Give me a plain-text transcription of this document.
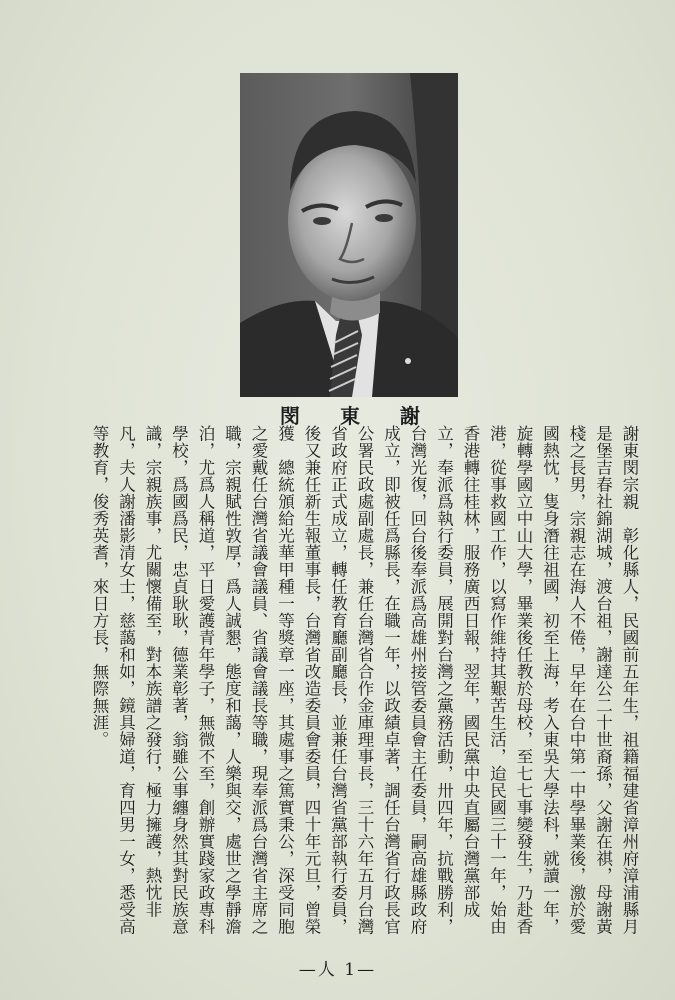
閔 東 謝

謝東閔宗親　彰化縣人，民國前五年生，祖籍福建省漳州府漳浦縣月是堡吉春社錦湖城，渡台祖，謝達公二十世裔孫，父謝在祺，母謝黃棧之長男，宗親志在海人不倦，早年在台中第一中學畢業後，激於愛國熱忱，隻身潛往祖國，初至上海，考入東吳大學法科，就讀一年，旋轉學國立中山大學，畢業後任教於母校，至七七事變發生，乃赴香港，從事救國工作，以寫作維持其艱苦生活，迨民國三十一年，始由香港轉往桂林，服務廣西日報，翌年，國民黨中央直屬台灣黨部成立，奉派爲執行委員，展開對台灣之黨務活動，卅四年，抗戰勝利，台灣光復，回台後奉派爲高雄州接管委員會主任委員，嗣高雄縣政府成立，即被任爲縣長，在職一年，以政績卓著，調任台灣省行政長官公署民政處副處長，兼任台灣省合作金庫理事長，三十六年五月台灣省政府正式成立，轉任教育廳副廳長，並兼任台灣省黨部執行委員，後又兼任新生報董事長，台灣省改造委員會委員，四十年元旦，曾榮獲　總統頒給光華甲種一等獎章一座，其處事之篤實秉公，深受同胞之愛戴任台灣省議會議員、省議會議長等職，現奉派爲台灣省主席之職，宗親賦性敦厚，爲人誠懇，態度和藹，人樂與交，處世之學靜澹泊，尤爲人稱道，平日愛護青年學子，無微不至，創辦實踐家政專科學校，爲國爲民，忠貞耿耿，德業彰著，翁雖公事纏身然其對民族意識，宗親族事，尤關懷備至，對本族譜之發行，極力擁護，熱忱非凡，夫人謝潘影清女士，慈藹和如，鏡具婦道，育四男一女，悉受高等教育，俊秀英耆，來日方長，無際無涯。

—人 1—
